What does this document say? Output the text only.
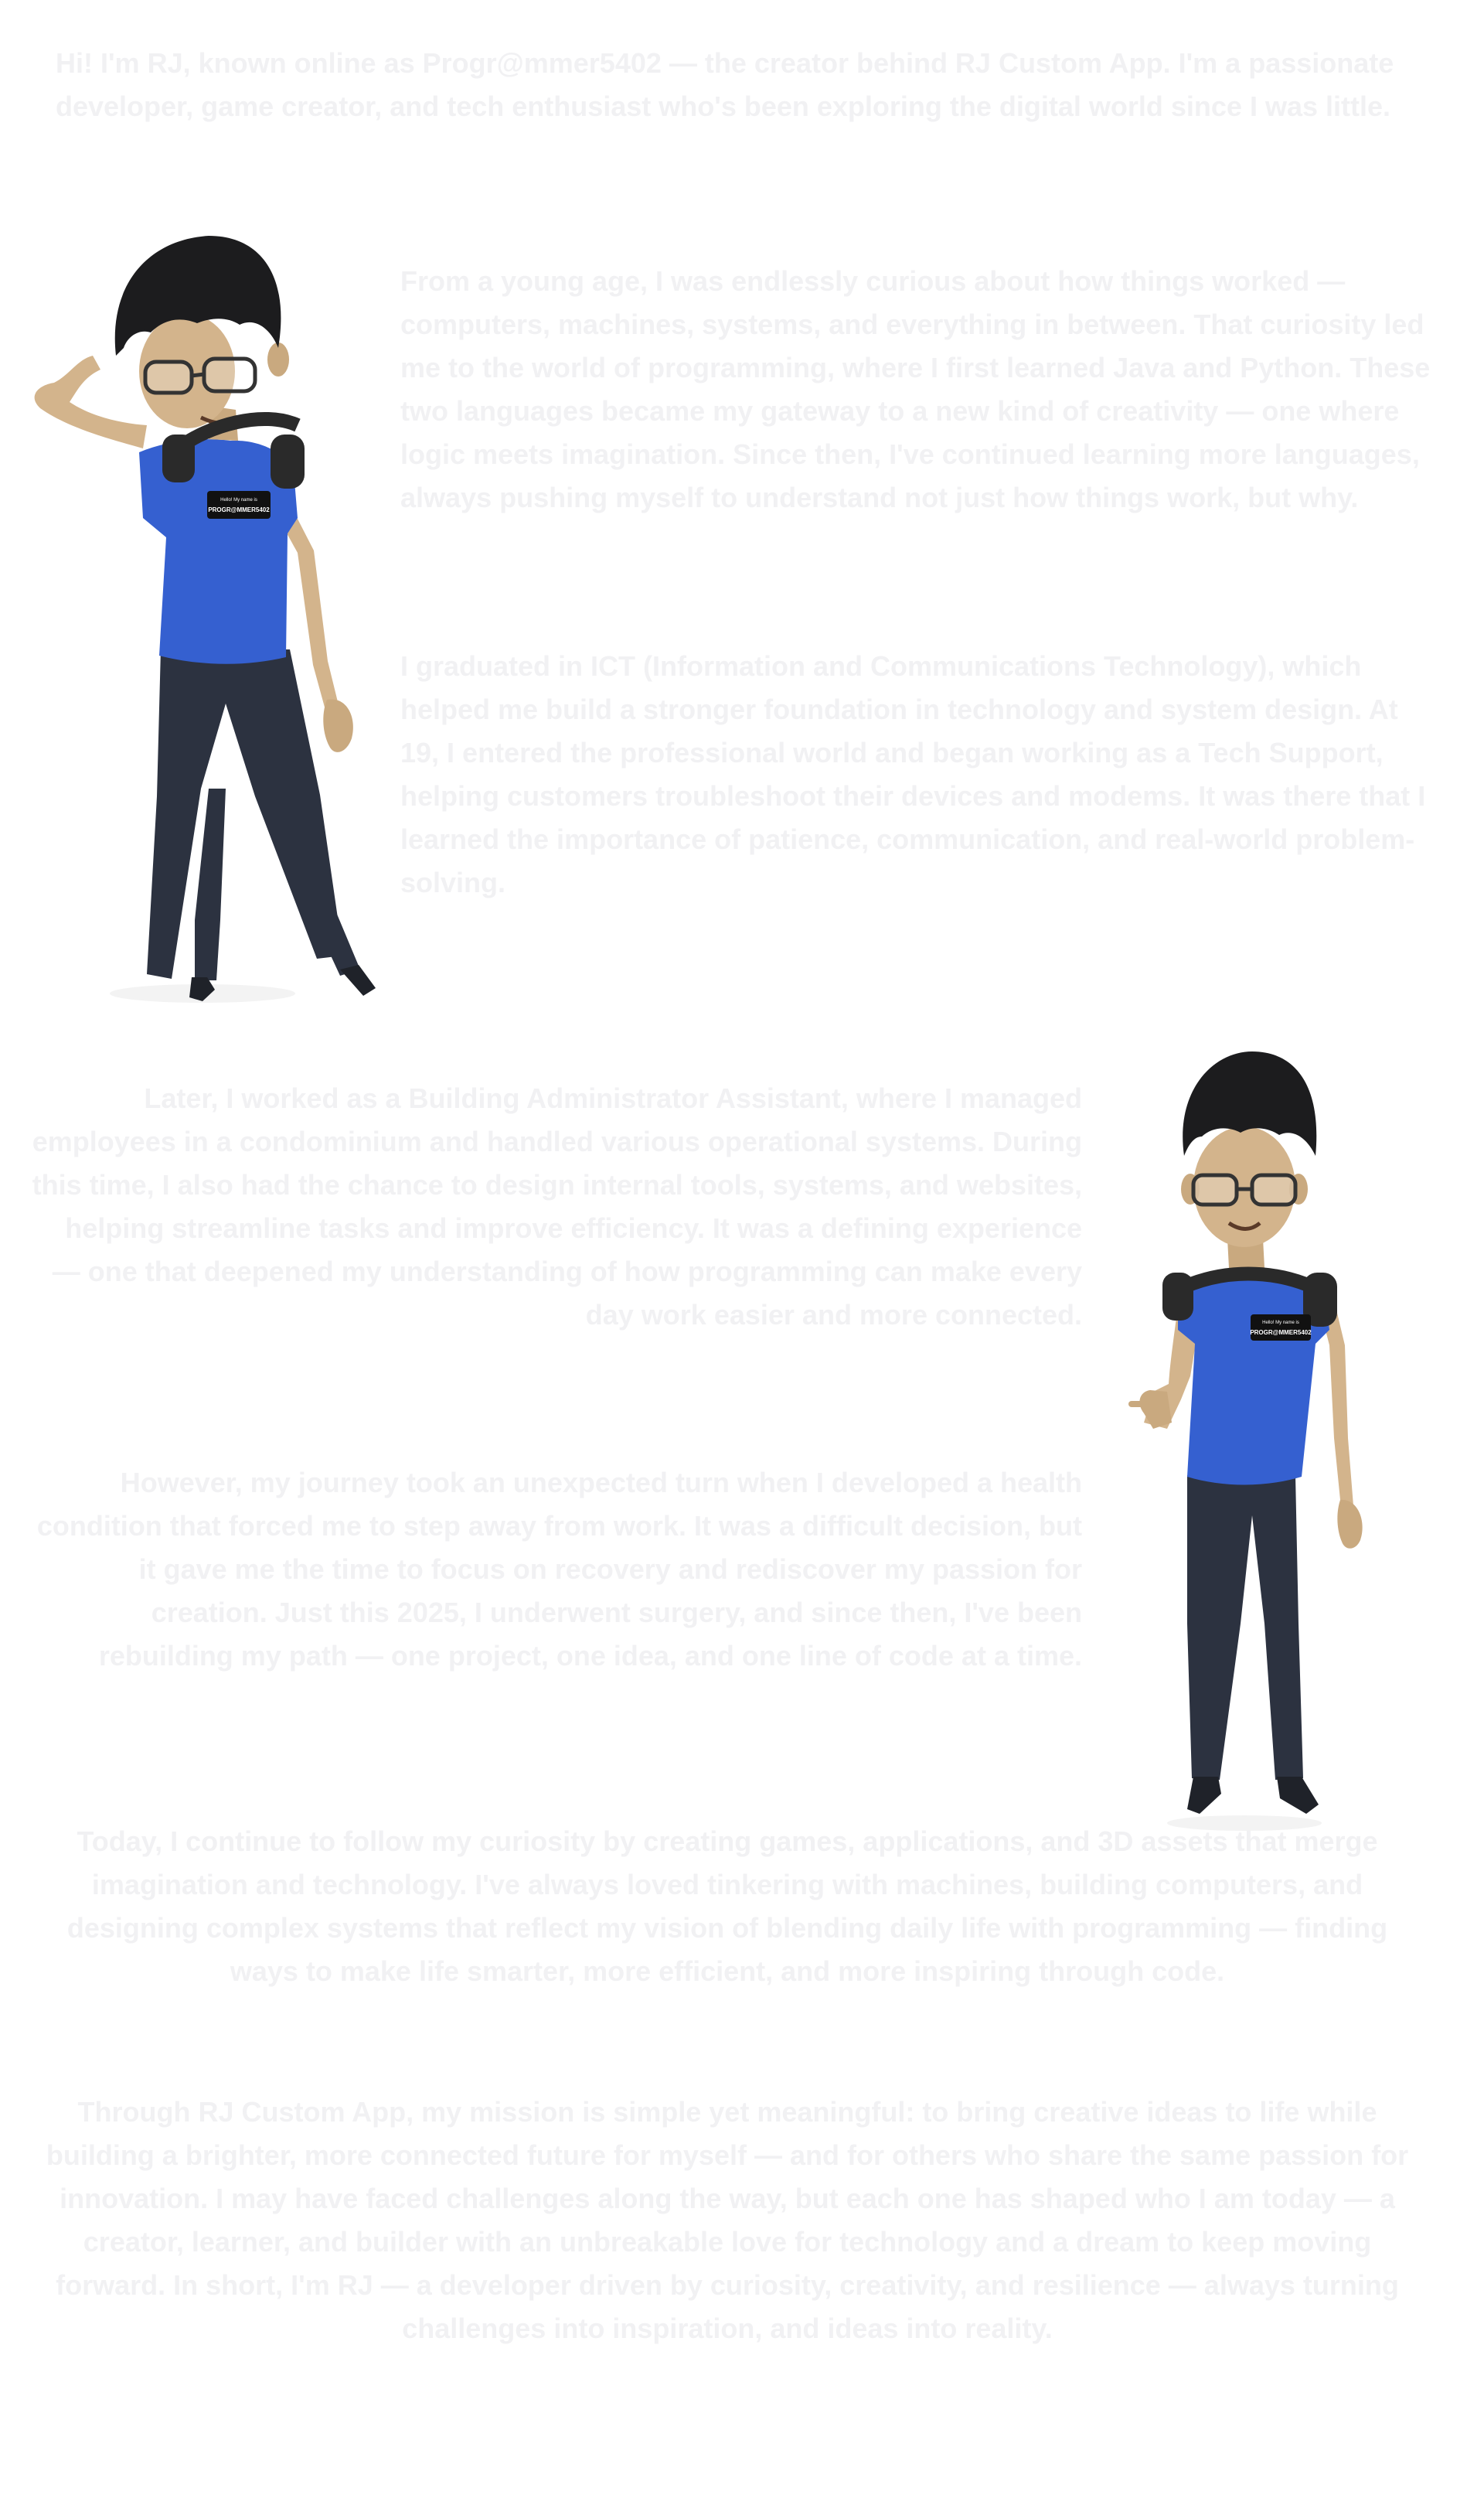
Hi! I'm RJ, known online as Progr@mmer5402 — the creator behind RJ Custom App. I'm a passionate developer, game creator, and tech enthusiast who's been exploring the digital world since I was little.

Hello! My name is
PROGR@MMER5402

From a young age, I was endlessly curious about how things worked — computers, machines, systems, and everything in between. That curiosity led me to the world of programming, where I first learned Java and Python. These two languages became my gateway to a new kind of creativity — one where logic meets imagination. Since then, I've continued learning more languages, always pushing myself to understand not just how things work, but why.

I graduated in ICT (Information and Communications Technology), which helped me build a stronger foundation in technology and system design. At 19, I entered the professional world and began working as a Tech Support, helping customers troubleshoot their devices and modems. It was there that I learned the importance of patience, communication, and real-world problem-solving.

Hello! My name is
PROGR@MMER5402

Later, I worked as a Building Administrator Assistant, where I managed employees in a condominium and handled various operational systems. During this time, I also had the chance to design internal tools, systems, and websites, helping streamline tasks and improve efficiency. It was a defining experience — one that deepened my understanding of how programming can make every day work easier and more connected.

However, my journey took an unexpected turn when I developed a health condition that forced me to step away from work. It was a difficult decision, but it gave me the time to focus on recovery and rediscover my passion for creation. Just this 2025, I underwent surgery, and since then, I've been rebuilding my path — one project, one idea, and one line of code at a time.

Today, I continue to follow my curiosity by creating games, applications, and 3D assets that merge imagination and technology. I've always loved tinkering with machines, building computers, and designing complex systems that reflect my vision of blending daily life with programming — finding ways to make life smarter, more efficient, and more inspiring through code.

Through RJ Custom App, my mission is simple yet meaningful: to bring creative ideas to life while building a brighter, more connected future for myself — and for others who share the same passion for innovation. I may have faced challenges along the way, but each one has shaped who I am today — a creator, learner, and builder with an unbreakable love for technology and a dream to keep moving forward. In short, I'm RJ — a developer driven by curiosity, creativity, and resilience — always turning challenges into inspiration, and ideas into reality.
